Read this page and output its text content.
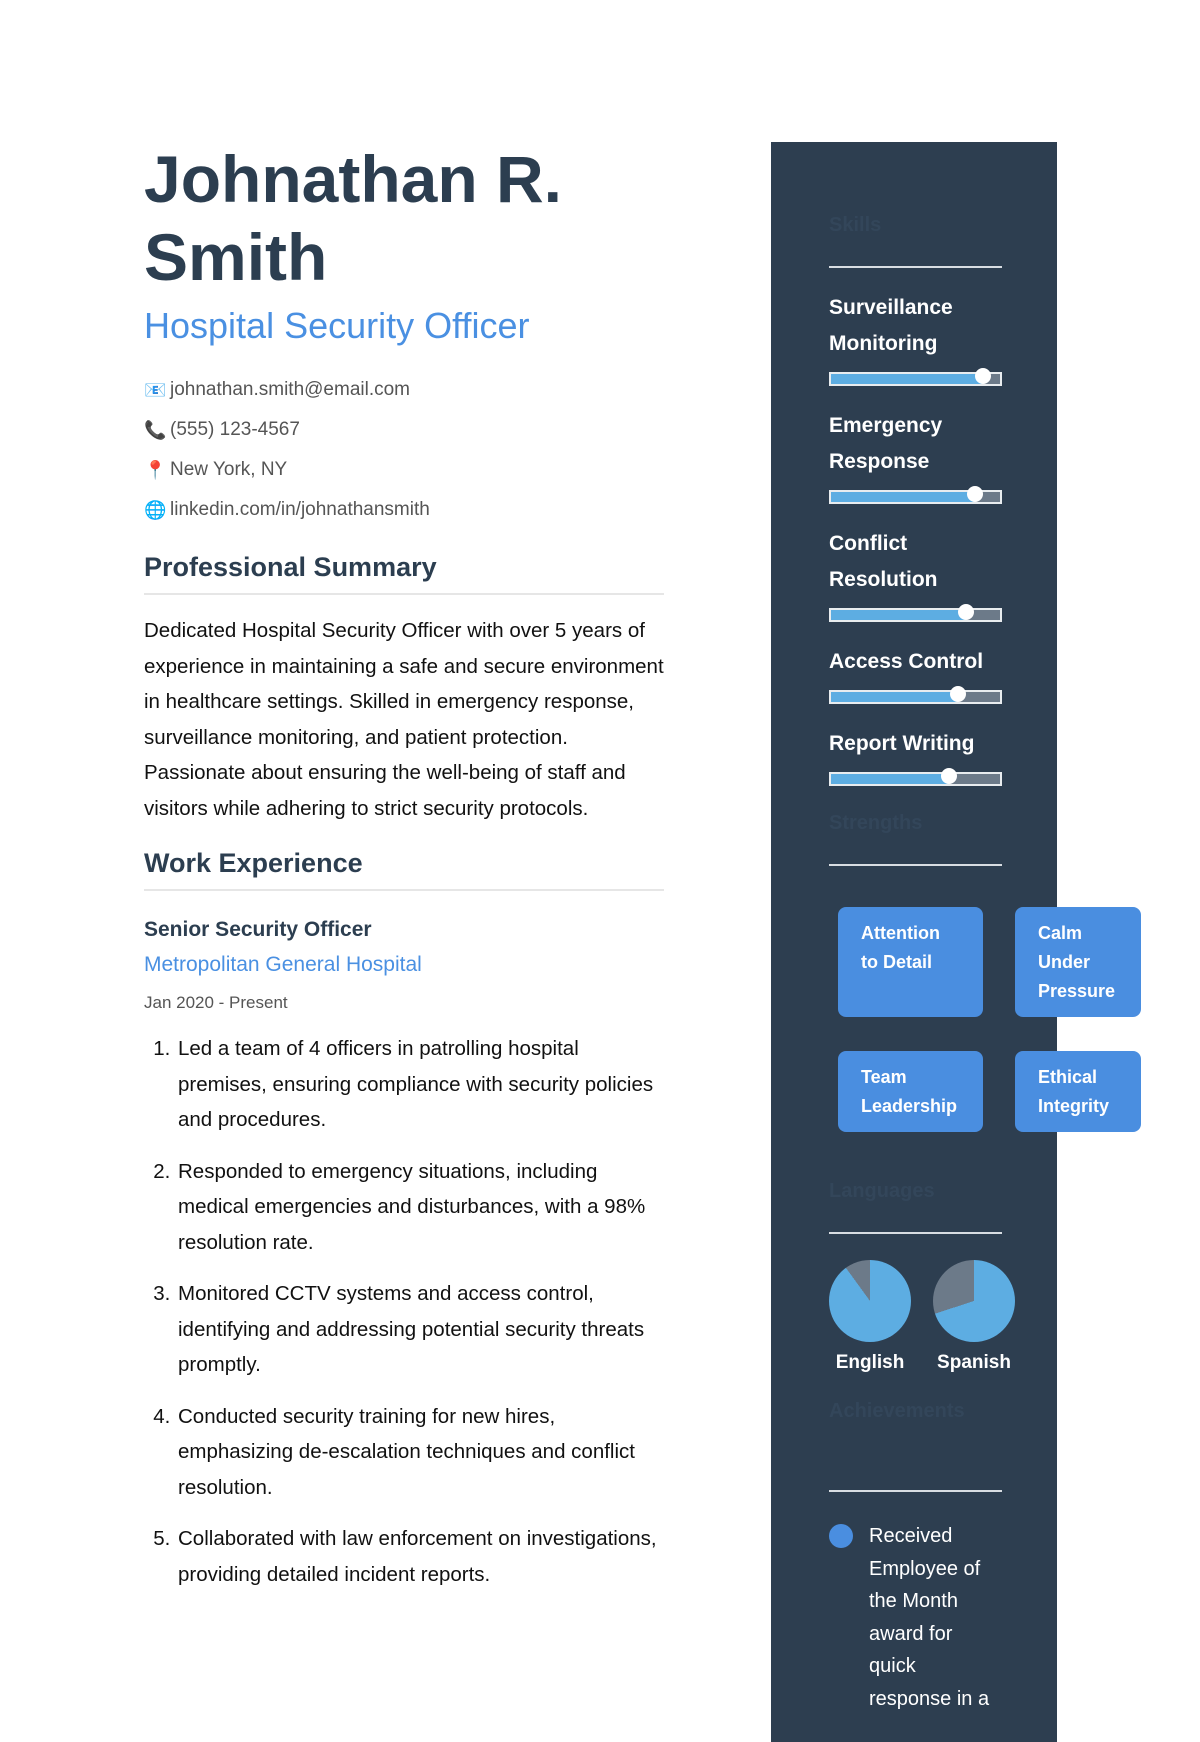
Johnathan R. Smith
Hospital Security Officer
📧 johnathan.smith@email.com
📞 (555) 123-4567
📍 New York, NY
🌐 linkedin.com/in/johnathansmith
Professional Summary
Dedicated Hospital Security Officer with over 5 years of experience in maintaining a safe and secure environment in healthcare settings. Skilled in emergency response, surveillance monitoring, and patient protection. Passionate about ensuring the well-being of staff and visitors while adhering to strict security protocols.
Work Experience
Senior Security Officer
Metropolitan General Hospital
Jan 2020 - Present
1. Led a team of 4 officers in patrolling hospital premises, ensuring compliance with security policies and procedures.
2. Responded to emergency situations, including medical emergencies and disturbances, with a 98% resolution rate.
3. Monitored CCTV systems and access control, identifying and addressing potential security threats promptly.
4. Conducted security training for new hires, emphasizing de-escalation techniques and conflict resolution.
5. Collaborated with law enforcement on investigations, providing detailed incident reports.
Skills
Surveillance Monitoring
Emergency Response
Conflict Resolution
Access Control
Report Writing
Strengths
Attention to Detail
Calm Under Pressure
Team Leadership
Ethical Integrity
Languages
English	Spanish
Achievements
Received Employee of the Month award for quick response in a
